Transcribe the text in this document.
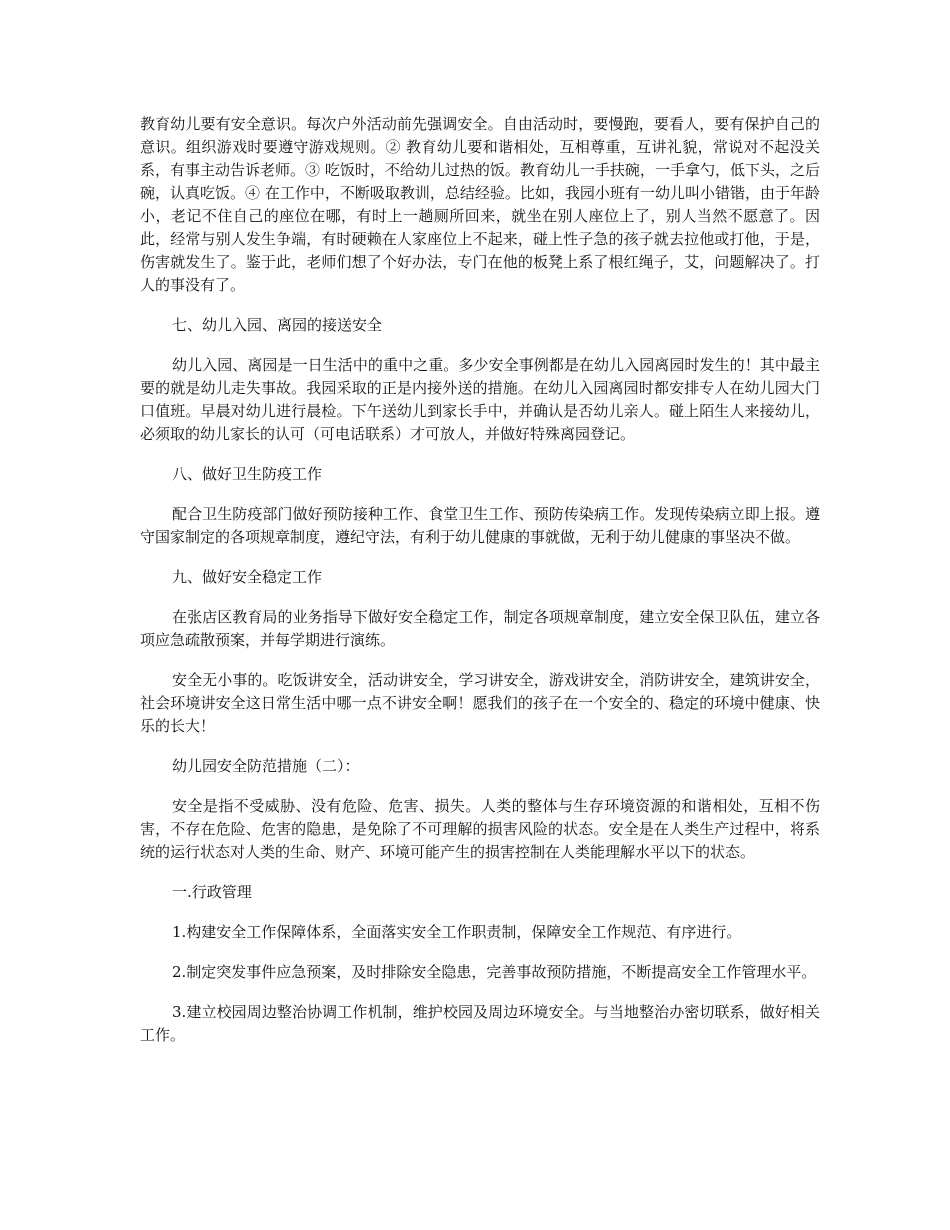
教育幼儿要有安全意识。每次户外活动前先强调安全。自由活动时，要慢跑，要看人，要有保护自己的意识。组织游戏时要遵守游戏规则。② 教育幼儿要和谐相处，互相尊重，互讲礼貌，常说对不起没关系，有事主动告诉老师。③ 吃饭时，不给幼儿过热的饭。教育幼儿一手扶碗，一手拿勺，低下头，之后碗，认真吃饭。④ 在工作中，不断吸取教训，总结经验。比如，我园小班有一幼儿叫小错锴，由于年龄小，老记不住自己的座位在哪，有时上一趟厕所回来，就坐在别人座位上了，别人当然不愿意了。因此，经常与别人发生争端，有时硬赖在人家座位上不起来，碰上性子急的孩子就去拉他或打他，于是，伤害就发生了。鉴于此，老师们想了个好办法，专门在他的板凳上系了根红绳子，艾，问题解决了。打人的事没有了。

七、幼儿入园、离园的接送安全

幼儿入园、离园是一日生活中的重中之重。多少安全事例都是在幼儿入园离园时发生的！其中最主要的就是幼儿走失事故。我园采取的正是内接外送的措施。在幼儿入园离园时都安排专人在幼儿园大门口值班。早晨对幼儿进行晨检。下午送幼儿到家长手中，并确认是否幼儿亲人。碰上陌生人来接幼儿，必须取的幼儿家长的认可（可电话联系）才可放人，并做好特殊离园登记。

八、做好卫生防疫工作

配合卫生防疫部门做好预防接种工作、食堂卫生工作、预防传染病工作。发现传染病立即上报。遵守国家制定的各项规章制度，遵纪守法，有利于幼儿健康的事就做，无利于幼儿健康的事坚决不做。

九、做好安全稳定工作

在张店区教育局的业务指导下做好安全稳定工作，制定各项规章制度，建立安全保卫队伍，建立各项应急疏散预案，并每学期进行演练。

安全无小事的。吃饭讲安全，活动讲安全，学习讲安全，游戏讲安全，消防讲安全，建筑讲安全，社会环境讲安全这日常生活中哪一点不讲安全啊！愿我们的孩子在一个安全的、稳定的环境中健康、快乐的长大！

幼儿园安全防范措施（二）：

安全是指不受威胁、没有危险、危害、损失。人类的整体与生存环境资源的和谐相处，互相不伤害，不存在危险、危害的隐患，是免除了不可理解的损害风险的状态。安全是在人类生产过程中，将系统的运行状态对人类的生命、财产、环境可能产生的损害控制在人类能理解水平以下的状态。

一.行政管理

1.构建安全工作保障体系，全面落实安全工作职责制，保障安全工作规范、有序进行。

2.制定突发事件应急预案，及时排除安全隐患，完善事故预防措施，不断提高安全工作管理水平。

3.建立校园周边整治协调工作机制，维护校园及周边环境安全。与当地整治办密切联系，做好相关工作。
